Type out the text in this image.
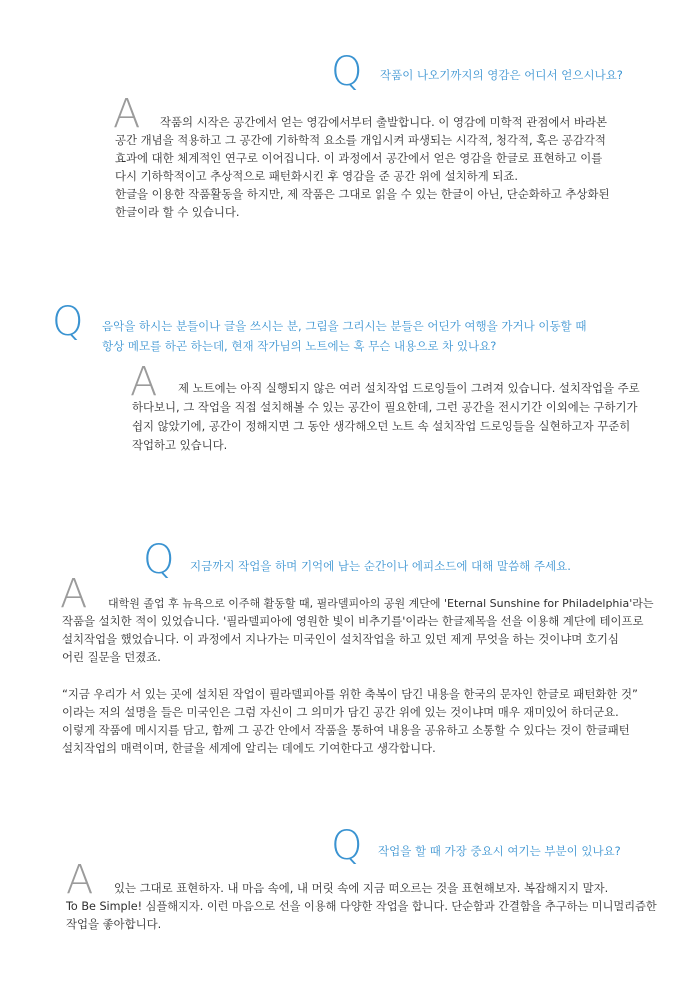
Q 작품이 나오기까지의 영감은 어디서 얻으시나요?
A 작품의 시작은 공간에서 얻는 영감에서부터 출발합니다. 이 영감에 미학적 관점에서 바라본
공간 개념을 적용하고 그 공간에 기하학적 요소를 개입시켜 파생되는 시각적, 청각적, 혹은 공감각적
효과에 대한 체계적인 연구로 이어집니다. 이 과정에서 공간에서 얻은 영감을 한글로 표현하고 이를
다시 기하학적이고 추상적으로 패턴화시킨 후 영감을 준 공간 위에 설치하게 되죠.
한글을 이용한 작품활동을 하지만, 제 작품은 그대로 읽을 수 있는 한글이 아닌, 단순화하고 추상화된
한글이라 할 수 있습니다.
Q 음악을 하시는 분들이나 글을 쓰시는 분, 그림을 그리시는 분들은 어딘가 여행을 가거나 이동할 때
항상 메모를 하곤 하는데, 현재 작가님의 노트에는 혹 무슨 내용으로 차 있나요?
A 제 노트에는 아직 실행되지 않은 여러 설치작업 드로잉들이 그려져 있습니다. 설치작업을 주로
하다보니, 그 작업을 직접 설치해볼 수 있는 공간이 필요한데, 그런 공간을 전시기간 이외에는 구하기가
쉽지 않았기에, 공간이 정해지면 그 동안 생각해오던 노트 속 설치작업 드로잉들을 실현하고자 꾸준히
작업하고 있습니다.
Q 지금까지 작업을 하며 기억에 남는 순간이나 에피소드에 대해 말씀해 주세요.
A 대학원 졸업 후 뉴욕으로 이주해 활동할 때, 필라델피아의 공원 계단에 'Eternal Sunshine for Philadelphia'라는
작품을 설치한 적이 있었습니다. '필라델피아에 영원한 빛이 비추기를'이라는 한글제목을 선을 이용해 계단에 테이프로
설치작업을 했었습니다. 이 과정에서 지나가는 미국인이 설치작업을 하고 있던 제게 무엇을 하는 것이냐며 호기심
어린 질문을 던졌죠.
“지금 우리가 서 있는 곳에 설치된 작업이 필라델피아를 위한 축복이 담긴 내용을 한국의 문자인 한글로 패턴화한 것”
이라는 저의 설명을 들은 미국인은 그럼 자신이 그 의미가 담긴 공간 위에 있는 것이냐며 매우 재미있어 하더군요.
이렇게 작품에 메시지를 담고, 함께 그 공간 안에서 작품을 통하여 내용을 공유하고 소통할 수 있다는 것이 한글패턴
설치작업의 매력이며, 한글을 세계에 알리는 데에도 기여한다고 생각합니다.
Q 작업을 할 때 가장 중요시 여기는 부분이 있나요?
A 있는 그대로 표현하자. 내 마음 속에, 내 머릿 속에 지금 떠오르는 것을 표현해보자. 복잡해지지 말자.
To Be Simple! 심플해지자. 이런 마음으로 선을 이용해 다양한 작업을 합니다. 단순함과 간결함을 추구하는 미니멀리즘한
작업을 좋아합니다.
